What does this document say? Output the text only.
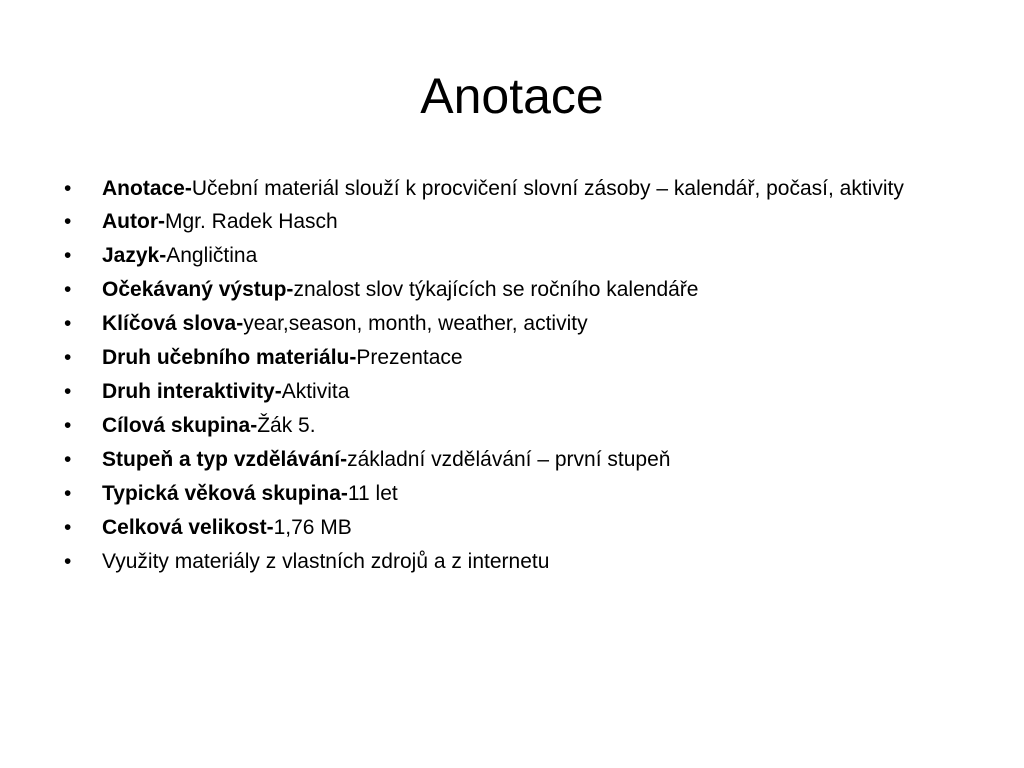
Anotace
• Anotace-Učební materiál slouží k procvičení slovní zásoby – kalendář, počasí, aktivity
• Autor-Mgr. Radek Hasch
• Jazyk-Angličtina
• Očekávaný výstup-znalost slov týkajících se ročního kalendáře
• Klíčová slova-year,season, month, weather, activity
• Druh učebního materiálu-Prezentace
• Druh interaktivity-Aktivita
• Cílová skupina-Žák 5.
• Stupeň a typ vzdělávání-základní vzdělávání – první stupeň
• Typická věková skupina-11 let
• Celková velikost-1,76 MB
• Využity materiály z vlastních zdrojů a z internetu
